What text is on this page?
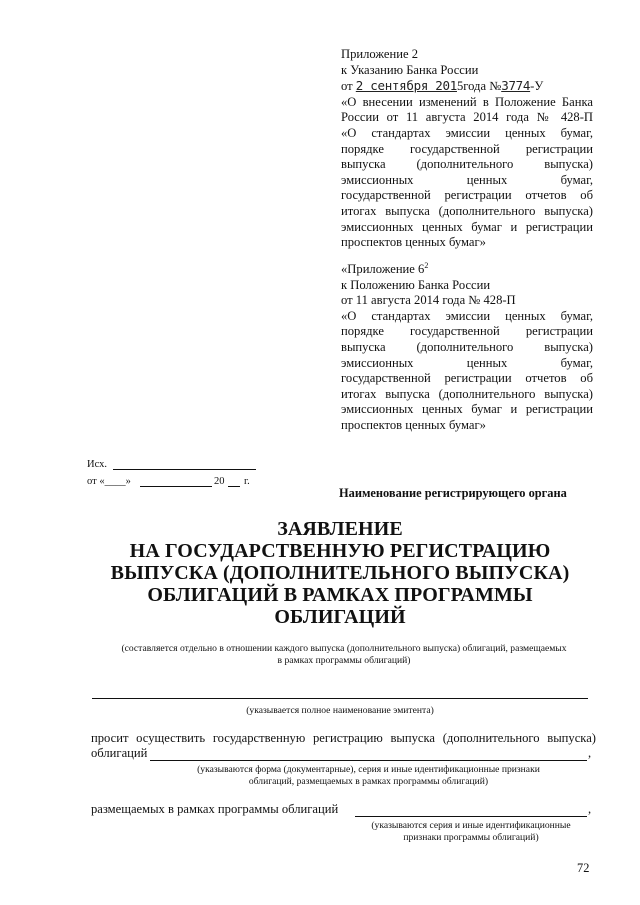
Приложение 2

к Указанию Банка России

от 2 сентября 2015года №3774-У

«О внесении изменений в Положение Банка

России от 11 августа 2014 года № 428-П

«О стандартах эмиссии ценных бумаг,

порядке государственной регистрации

выпуска (дополнительного выпуска)

эмиссионных ценных бумаг,

государственной регистрации отчетов об

итогах выпуска (дополнительного выпуска)

эмиссионных ценных бумаг и регистрации

проспектов ценных бумаг»

«Приложение $6^2$

к Положению Банка России

от 11 августа 2014 года № 428-П

«О стандартах эмиссии ценных бумаг,

порядке государственной регистрации

выпуска (дополнительного выпуска)

эмиссионных ценных бумаг,

государственной регистрации отчетов об

итогах выпуска (дополнительного выпуска)

эмиссионных ценных бумаг и регистрации

проспектов ценных бумаг»

Исх.
от «____»	20 г.
Наименование регистрирующего органа
ЗАЯВЛЕНИЕ
НА ГОСУДАРСТВЕННУЮ РЕГИСТРАЦИЮ
ВЫПУСКА (ДОПОЛНИТЕЛЬНОГО ВЫПУСКА)
ОБЛИГАЦИЙ В РАМКАХ ПРОГРАММЫ
ОБЛИГАЦИЙ
(составляется отдельно в отношении каждого выпуска (дополнительного выпуска) облигаций, размещаемых
в рамках программы облигаций)
(указывается полное наименование эмитента)
просит осуществить государственную регистрацию выпуска (дополнительного выпуска)
облигаций	,
(указываются форма (документарные), серия и иные идентификационные признаки
облигаций, размещаемых в рамках программы облигаций)
размещаемых в рамках программы облигаций	,
(указываются серия и иные идентификационные
признаки программы облигаций)
72
